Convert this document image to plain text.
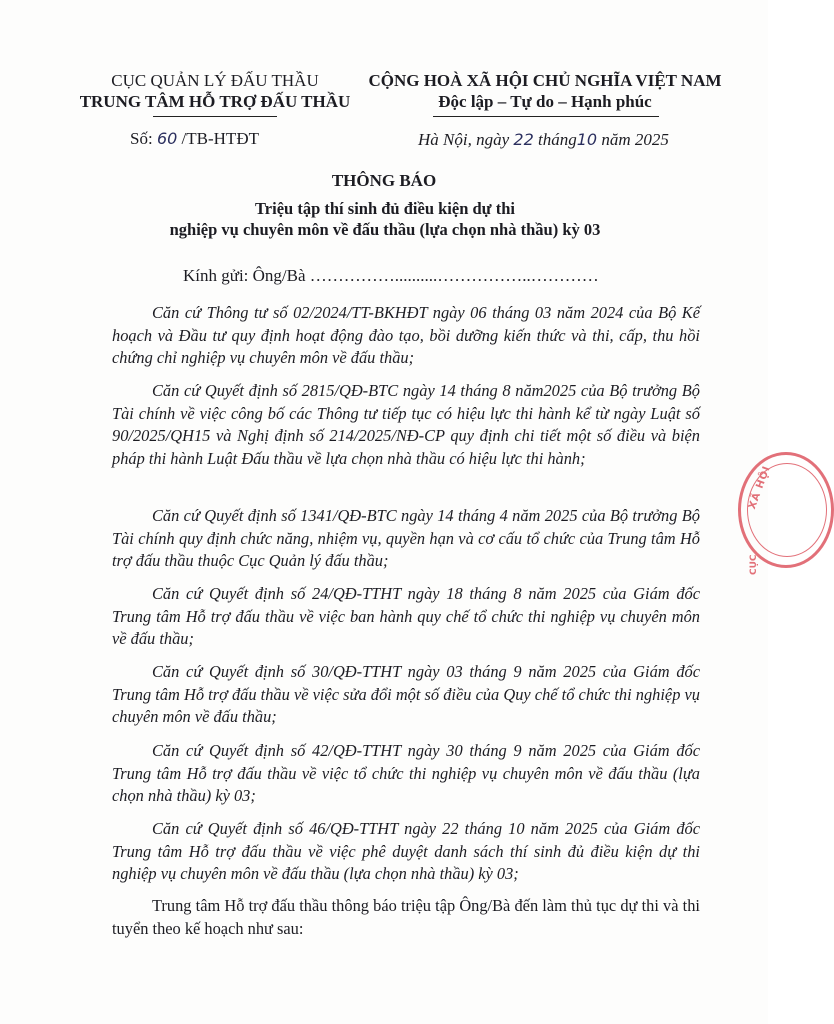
CỤC QUẢN LÝ ĐẤU THẦU
TRUNG TÂM HỖ TRỢ ĐẤU THẦU
CỘNG HOÀ XÃ HỘI CHỦ NGHĨA VIỆT NAM
Độc lập – Tự do – Hạnh phúc
Số: 60 /TB-HTĐT	Hà Nội, ngày 22 tháng10 năm 2025
THÔNG BÁO
Triệu tập thí sinh đủ điều kiện dự thi
nghiệp vụ chuyên môn về đấu thầu (lựa chọn nhà thầu) kỳ 03
Kính gửi: Ông/Bà ……………..........……………..…………
Căn cứ Thông tư số 02/2024/TT-BKHĐT ngày 06 tháng 03 năm 2024 của Bộ Kế hoạch và Đầu tư quy định hoạt động đào tạo, bồi dưỡng kiến thức và thi, cấp, thu hồi chứng chỉ nghiệp vụ chuyên môn về đấu thầu;
Căn cứ Quyết định số 2815/QĐ-BTC ngày 14 tháng 8 năm2025 của Bộ trưởng Bộ Tài chính về việc công bố các Thông tư tiếp tục có hiệu lực thi hành kể từ ngày Luật số 90/2025/QH15 và Nghị định số 214/2025/NĐ-CP quy định chi tiết một số điều và biện pháp thi hành Luật Đấu thầu về lựa chọn nhà thầu có hiệu lực thi hành;
Căn cứ Quyết định số 1341/QĐ-BTC ngày 14 tháng 4 năm 2025 của Bộ trưởng Bộ Tài chính quy định chức năng, nhiệm vụ, quyền hạn và cơ cấu tổ chức của Trung tâm Hỗ trợ đấu thầu thuộc Cục Quản lý đấu thầu;
Căn cứ Quyết định số 24/QĐ-TTHT ngày 18 tháng 8 năm 2025 của Giám đốc Trung tâm Hỗ trợ đấu thầu về việc ban hành quy chế tổ chức thi nghiệp vụ chuyên môn về đấu thầu;
Căn cứ Quyết định số 30/QĐ-TTHT ngày 03 tháng 9 năm 2025 của Giám đốc Trung tâm Hỗ trợ đấu thầu về việc sửa đổi một số điều của Quy chế tổ chức thi nghiệp vụ chuyên môn về đấu thầu;
Căn cứ Quyết định số 42/QĐ-TTHT ngày 30 tháng 9 năm 2025 của Giám đốc Trung tâm Hỗ trợ đấu thầu về việc tổ chức thi nghiệp vụ chuyên môn về đấu thầu (lựa chọn nhà thầu) kỳ 03;
Căn cứ Quyết định số 46/QĐ-TTHT ngày 22 tháng 10 năm 2025 của Giám đốc Trung tâm Hỗ trợ đấu thầu về việc phê duyệt danh sách thí sinh đủ điều kiện dự thi nghiệp vụ chuyên môn về đấu thầu (lựa chọn nhà thầu) kỳ 03;
Trung tâm Hỗ trợ đấu thầu thông báo triệu tập Ông/Bà đến làm thủ tục dự thi và thi tuyển theo kế hoạch như sau:
XÃ HỘI
CỤC
